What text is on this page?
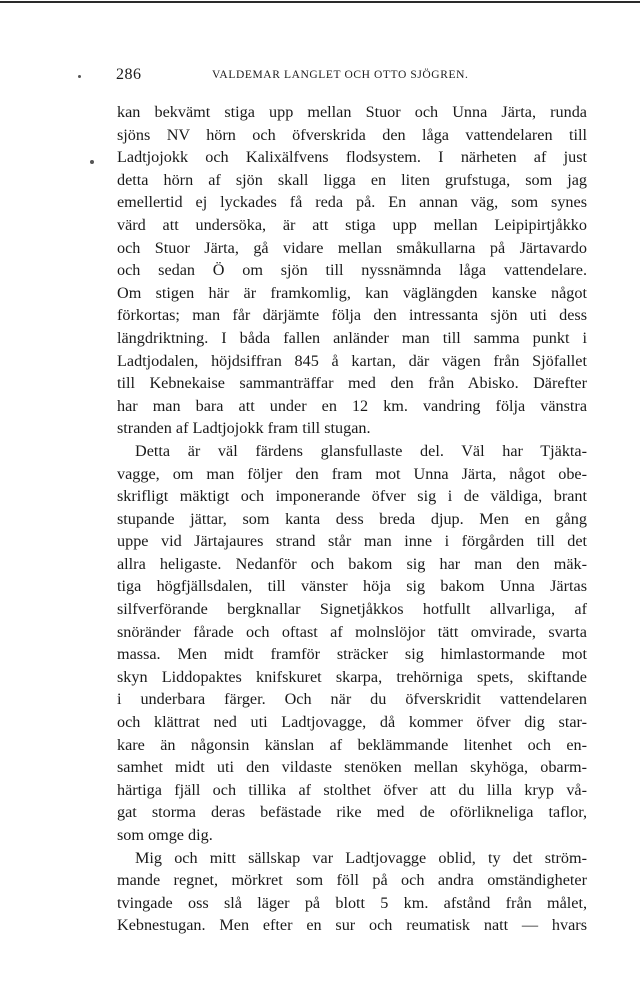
286	VALDEMAR LANGLET OCH OTTO SJÖGREN.
kan bekvämt stiga upp mellan Stuor och Unna Järta, runda
sjöns NV hörn och öfverskrida den låga vattendelaren till
Ladtjojokk och Kalixälfvens flodsystem. I närheten af just
detta hörn af sjön skall ligga en liten grufstuga, som jag
emellertid ej lyckades få reda på. En annan väg, som synes
värd att undersöka, är att stiga upp mellan Leipipirtjåkko
och Stuor Järta, gå vidare mellan småkullarna på Järtavardo
och sedan Ö om sjön till nyssnämnda låga vattendelare.
Om stigen här är framkomlig, kan väglängden kanske något
förkortas; man får därjämte följa den intressanta sjön uti dess
längdriktning. I båda fallen anländer man till samma punkt i
Ladtjodalen, höjdsiffran 845 å kartan, där vägen från Sjöfallet
till Kebnekaise sammanträffar med den från Abisko. Därefter
har man bara att under en 12 km. vandring följa vänstra
stranden af Ladtjojokk fram till stugan.
Detta är väl färdens glansfullaste del. Väl har Tjäkta-
vagge, om man följer den fram mot Unna Järta, något obe-
skrifligt mäktigt och imponerande öfver sig i de väldiga, brant
stupande jättar, som kanta dess breda djup. Men en gång
uppe vid Järtajaures strand står man inne i förgården till det
allra heligaste. Nedanför och bakom sig har man den mäk-
tiga högfjällsdalen, till vänster höja sig bakom Unna Järtas
silfverförande bergknallar Signetjåkkos hotfullt allvarliga, af
snöränder fårade och oftast af molnslöjor tätt omvirade, svarta
massa. Men midt framför sträcker sig himlastormande mot
skyn Liddopaktes knifskuret skarpa, trehörniga spets, skiftande
i underbara färger. Och när du öfverskridit vattendelaren
och klättrat ned uti Ladtjovagge, då kommer öfver dig star-
kare än någonsin känslan af beklämmande litenhet och en-
samhet midt uti den vildaste stenöken mellan skyhöga, obarm-
härtiga fjäll och tillika af stolthet öfver att du lilla kryp vå-
gat storma deras befästade rike med de oförlikneliga taflor,
som omge dig.
Mig och mitt sällskap var Ladtjovagge oblid, ty det ström-
mande regnet, mörkret som föll på och andra omständigheter
tvingade oss slå läger på blott 5 km. afstånd från målet,
Kebnestugan. Men efter en sur och reumatisk natt — hvars
